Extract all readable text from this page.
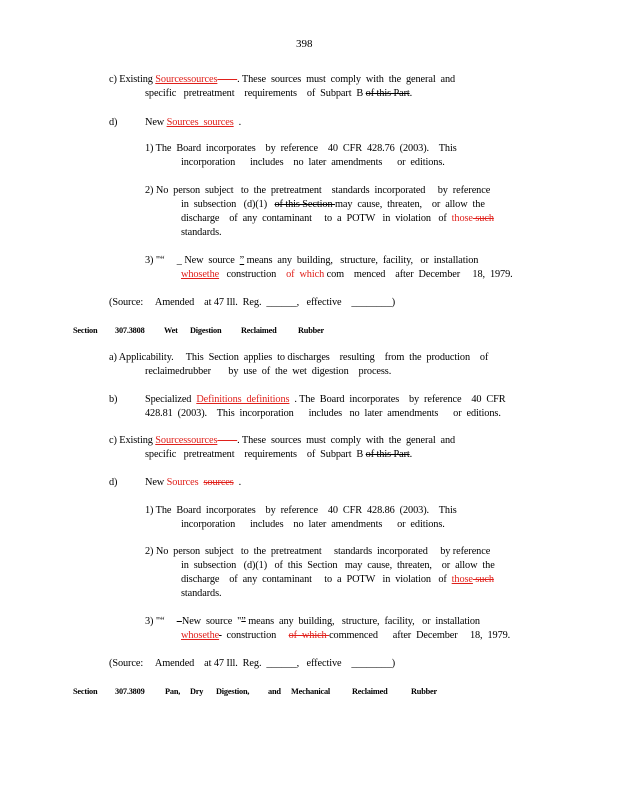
398
c) Existing Sourcessources . These  sources  must  comply  with  the  general  and
specific   pretreatment    requirements    of  Subpart  B of this Part.
d)	New Sources  sources  .
1) The  Board  incorporates    by  reference    40  CFR  428.76  (2003).    This
incorporation      includes    no  later  amendments      or  editions.
2) No  person  subject   to  the  pretreatment    standards  incorporated     by  reference
in  subsection   (d)(1)   of this Section may  cause,  threaten,    or  allow  the
discharge    of  any  contaminant     to  a  POTW   in  violation   of  those such
standards.
3) "“     _ New  source  ” means  any  building,   structure,  facility,   or  installation
whosethe   construction    of  which com    menced    after  December     18,  1979.
(Source:     Amended    at 47 Ill.  Reg.  ______,   effective    ________)
Section 307.3808 Wet Digestion Reclaimed	Rubber
a) Applicability.     This  Section  applies  to discharges    resulting    from  the  production    of
reclaimedrubber       by  use  of  the  wet  digestion    process.
b)	Specialized Definitions  definitions . The  Board  incorporates    by  reference    40  CFR
428.81  (2003).    This  incorporation      includes   no  later  amendments      or  editions.
c) Existing Sourcessources . These  sources  must  comply  with  the  general  and
specific   pretreatment    requirements    of  Subpart  B of this Part.
d)	New Sources sources  .
1) The  Board  incorporates    by  reference    40  CFR  428.86  (2003).    This
incorporation      includes    no  later  amendments      or  editions.
2) No  person  subject   to  the  pretreatment     standards  incorporated     by reference
in  subsection   (d)(1)   of  this  Section   may  cause,  threaten,    or  allow  the
discharge    of  any  contaminant     to  a  POTW   in  violation   of  those such
standards.
3) "“     –New  source  "” means  any  building,   structure,  facility,   or  installation
whosethe   construction     of  which commenced      after  December     18,  1979.
(Source:     Amended    at 47 Ill.  Reg.  ______,   effective    ________)
Section 307.3809 Pan, Dry Digestion, and Mechanical	Reclaimed	Rubber
